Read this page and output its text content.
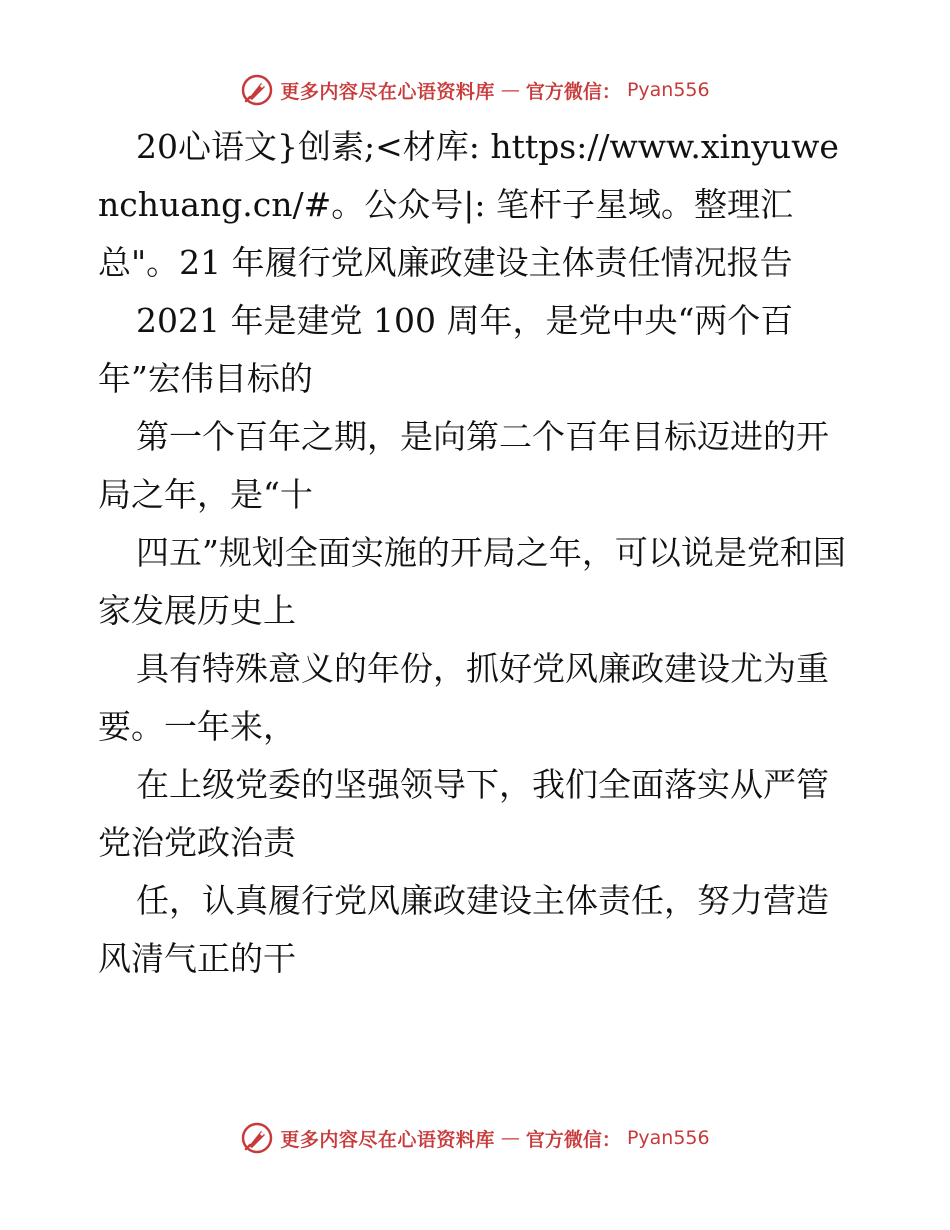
更多内容尽在心语资料库 — 官方微信： Pyan556

20心语文}创素;<材库: https://www.xinyuwenchuang.cn/#。公众号|: 笔杆子星域。整理汇总"。21 年履行党风廉政建设主体责任情况报告

2021 年是建党 100 周年，是党中央“两个百年”宏伟目标的

第一个百年之期，是向第二个百年目标迈进的开局之年，是“十

四五”规划全面实施的开局之年，可以说是党和国家发展历史上

具有特殊意义的年份，抓好党风廉政建设尤为重要。一年来，

在上级党委的坚强领导下，我们全面落实从严管党治党政治责

任，认真履行党风廉政建设主体责任，努力营造风清气正的干

更多内容尽在心语资料库 — 官方微信： Pyan556
